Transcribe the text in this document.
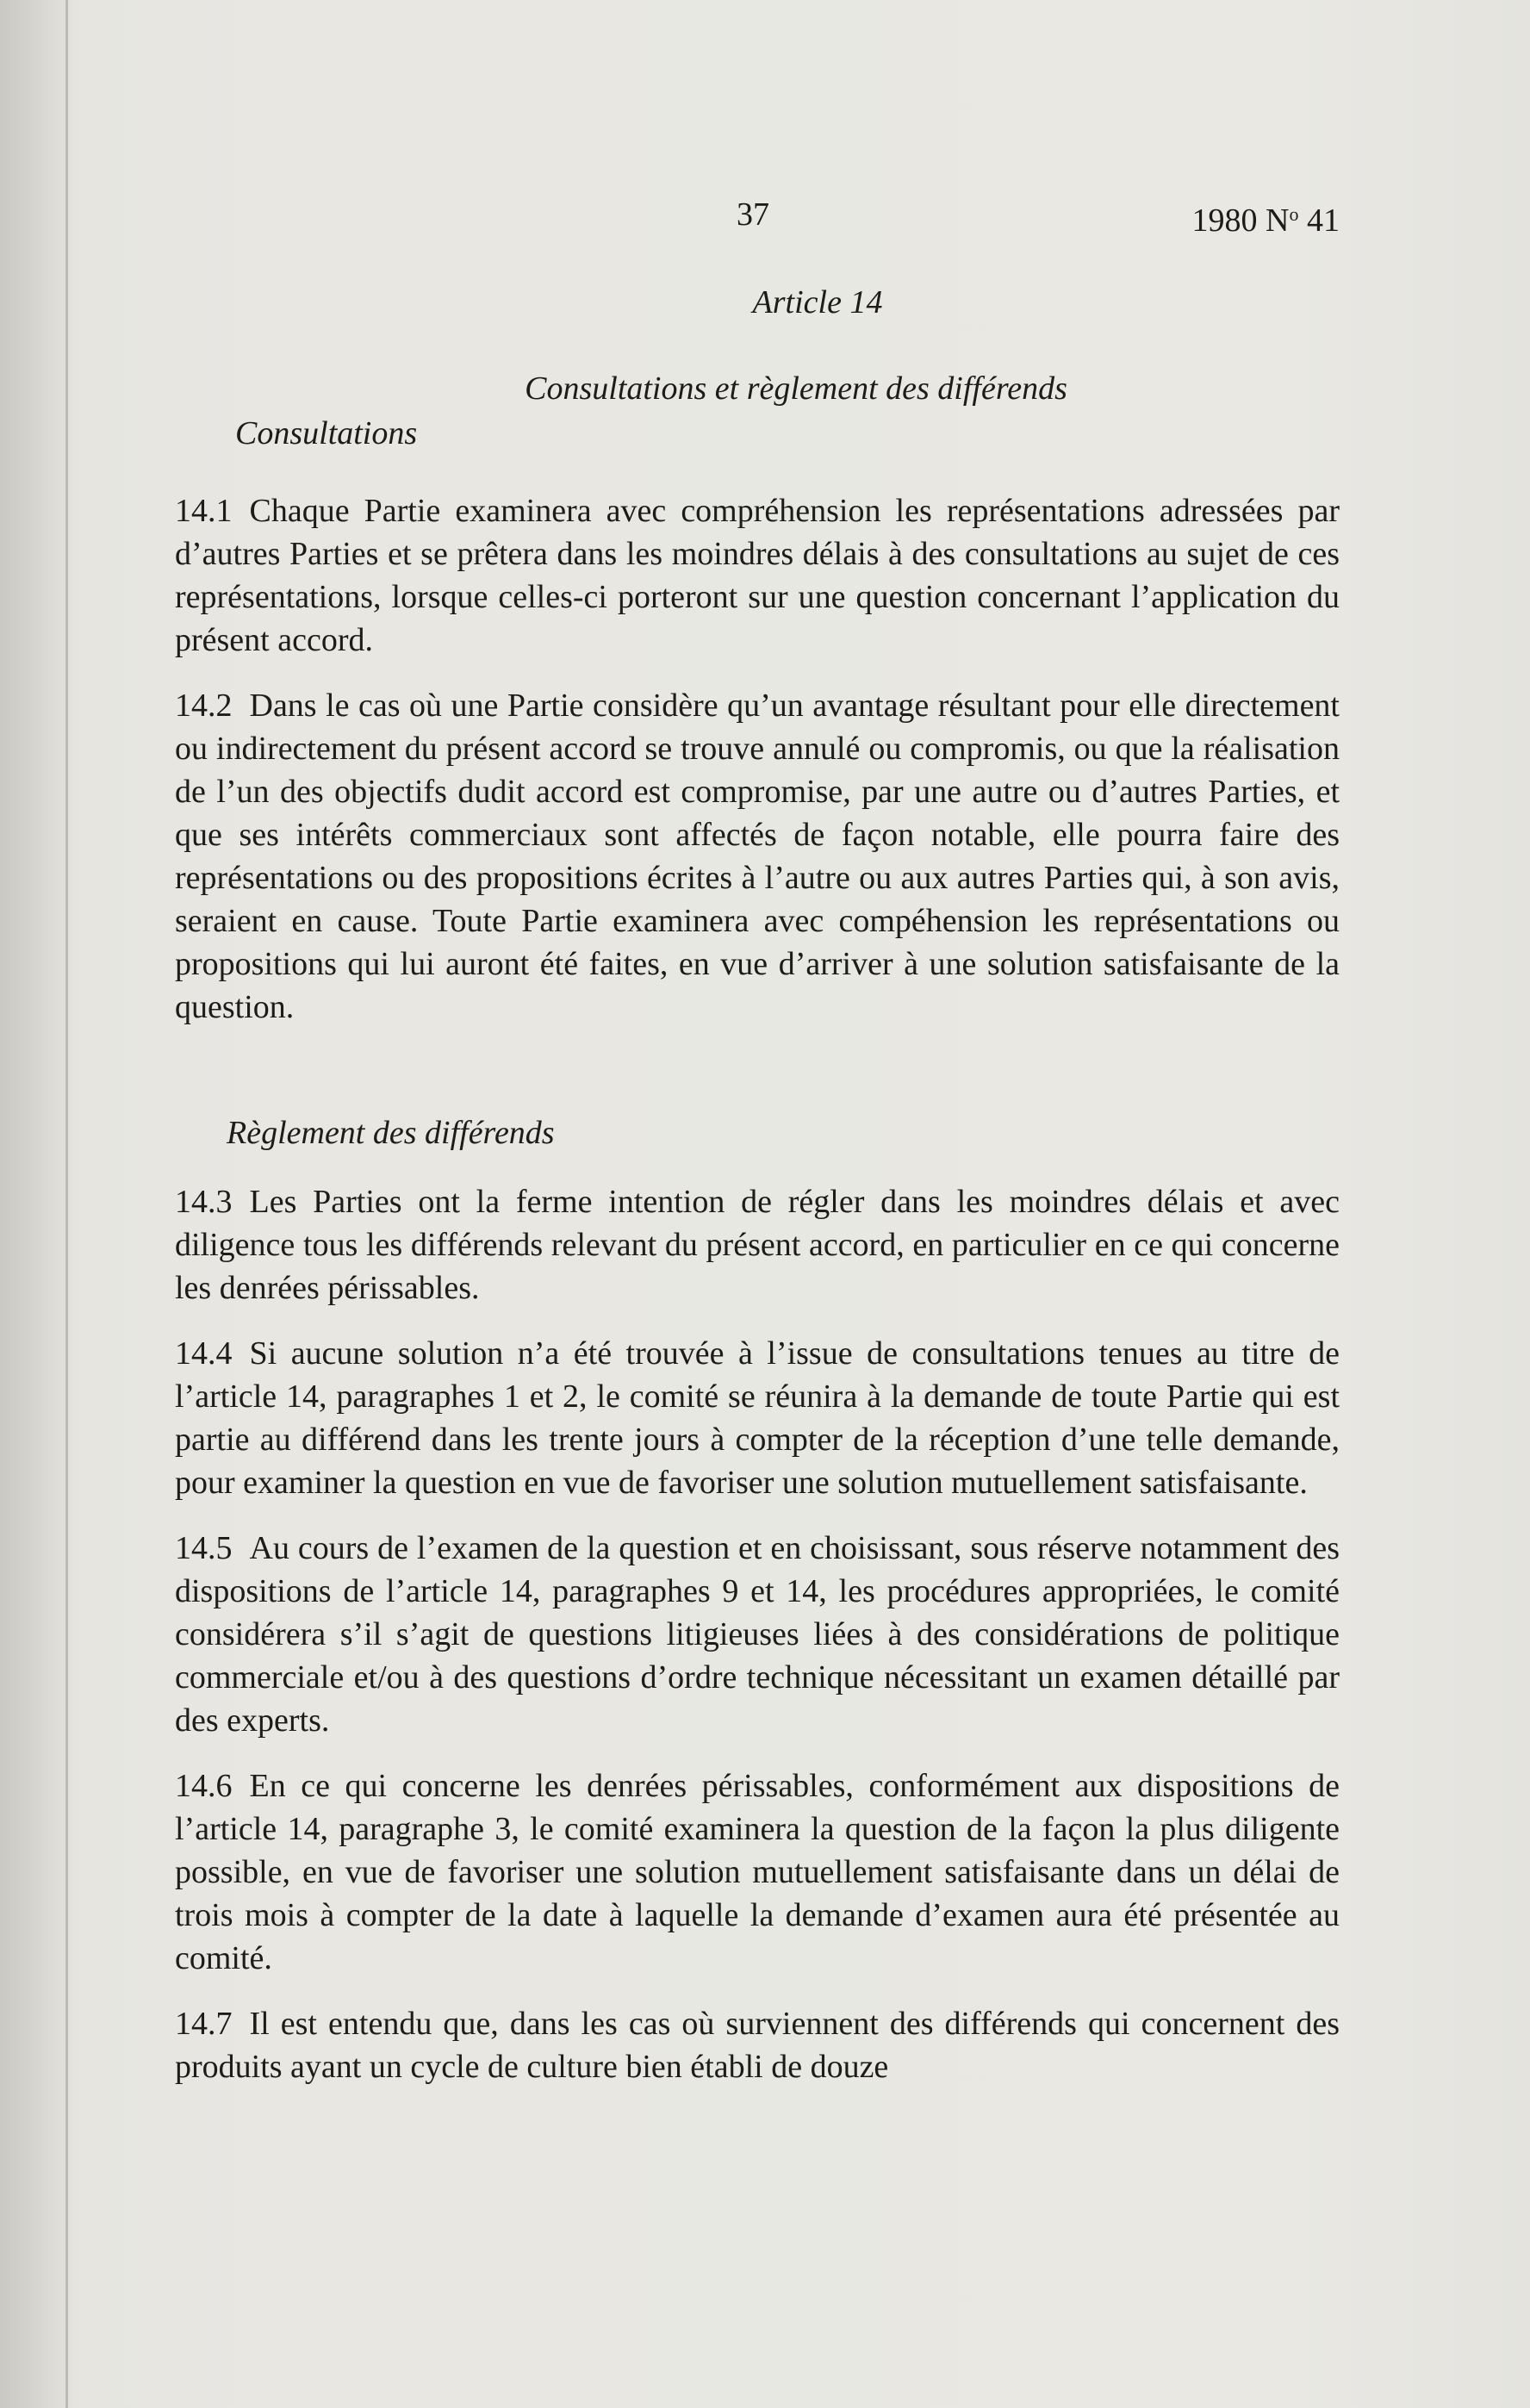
37	1980 $N^o$ 41
Article 14
Consultations et règlement des différends
Consultations

14.1 Chaque Partie examinera avec compréhension les représentations adressées par d’autres Parties et se prêtera dans les moindres délais à des consultations au sujet de ces représentations, lorsque celles-ci porteront sur une question concernant l’application du présent accord.

14.2 Dans le cas où une Partie considère qu’un avantage résultant pour elle directement ou indirectement du présent accord se trouve annulé ou compromis, ou que la réalisation de l’un des objectifs dudit accord est compromise, par une autre ou d’autres Parties, et que ses intérêts commerciaux sont affectés de façon notable, elle pourra faire des représentations ou des propositions écrites à l’autre ou aux autres Parties qui, à son avis, seraient en cause. Toute Partie examinera avec compéhension les représentations ou propositions qui lui auront été faites, en vue d’arriver à une solution satisfaisante de la question.

Règlement des différends

14.3 Les Parties ont la ferme intention de régler dans les moindres délais et avec diligence tous les différends relevant du présent accord, en particulier en ce qui concerne les denrées périssables.

14.4 Si aucune solution n’a été trouvée à l’issue de consultations tenues au titre de l’article 14, paragraphes 1 et 2, le comité se réunira à la demande de toute Partie qui est partie au différend dans les trente jours à compter de la réception d’une telle demande, pour examiner la question en vue de favoriser une solution mutuellement satisfaisante.

14.5 Au cours de l’examen de la question et en choisissant, sous réserve notamment des dispositions de l’article 14, paragraphes 9 et 14, les procédures appropriées, le comité considérera s’il s’agit de questions litigieuses liées à des considérations de politique commerciale et/ou à des questions d’ordre technique nécessitant un examen détaillé par des experts.

14.6 En ce qui concerne les denrées périssables, conformément aux dispositions de l’article 14, paragraphe 3, le comité examinera la question de la façon la plus diligente possible, en vue de favoriser une solution mutuellement satisfaisante dans un délai de trois mois à compter de la date à laquelle la demande d’examen aura été présentée au comité.

14.7 Il est entendu que, dans les cas où surviennent des différends qui concernent des produits ayant un cycle de culture bien établi de douze
